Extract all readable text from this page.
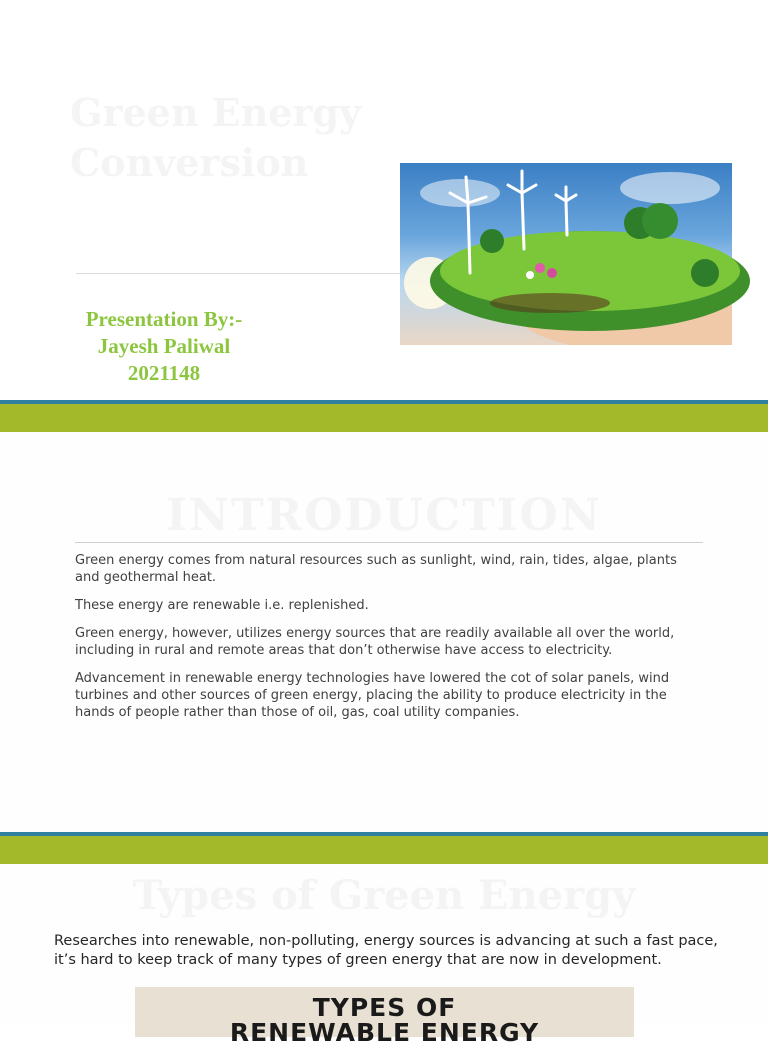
Green Energy Conversion
Presentation By:-
Jayesh Paliwal
2021148
INTRODUCTION

Green energy comes from natural resources such as sunlight, wind, rain, tides, algae, plants and geothermal heat.

These energy are renewable i.e. replenished.

Green energy, however, utilizes energy sources that are readily available all over the world, including in rural and remote areas that don’t otherwise have access to electricity.

Advancement in renewable energy technologies have lowered the cot of solar panels, wind turbines and other sources of green energy, placing the ability to produce electricity in the hands of people rather than those of oil, gas, coal utility companies.

Types of Green Energy
Researches into renewable, non-polluting, energy sources is advancing at such a fast pace, it’s hard to keep track of many types of green energy that are now in development.
TYPES OF
RENEWABLE ENERGY
